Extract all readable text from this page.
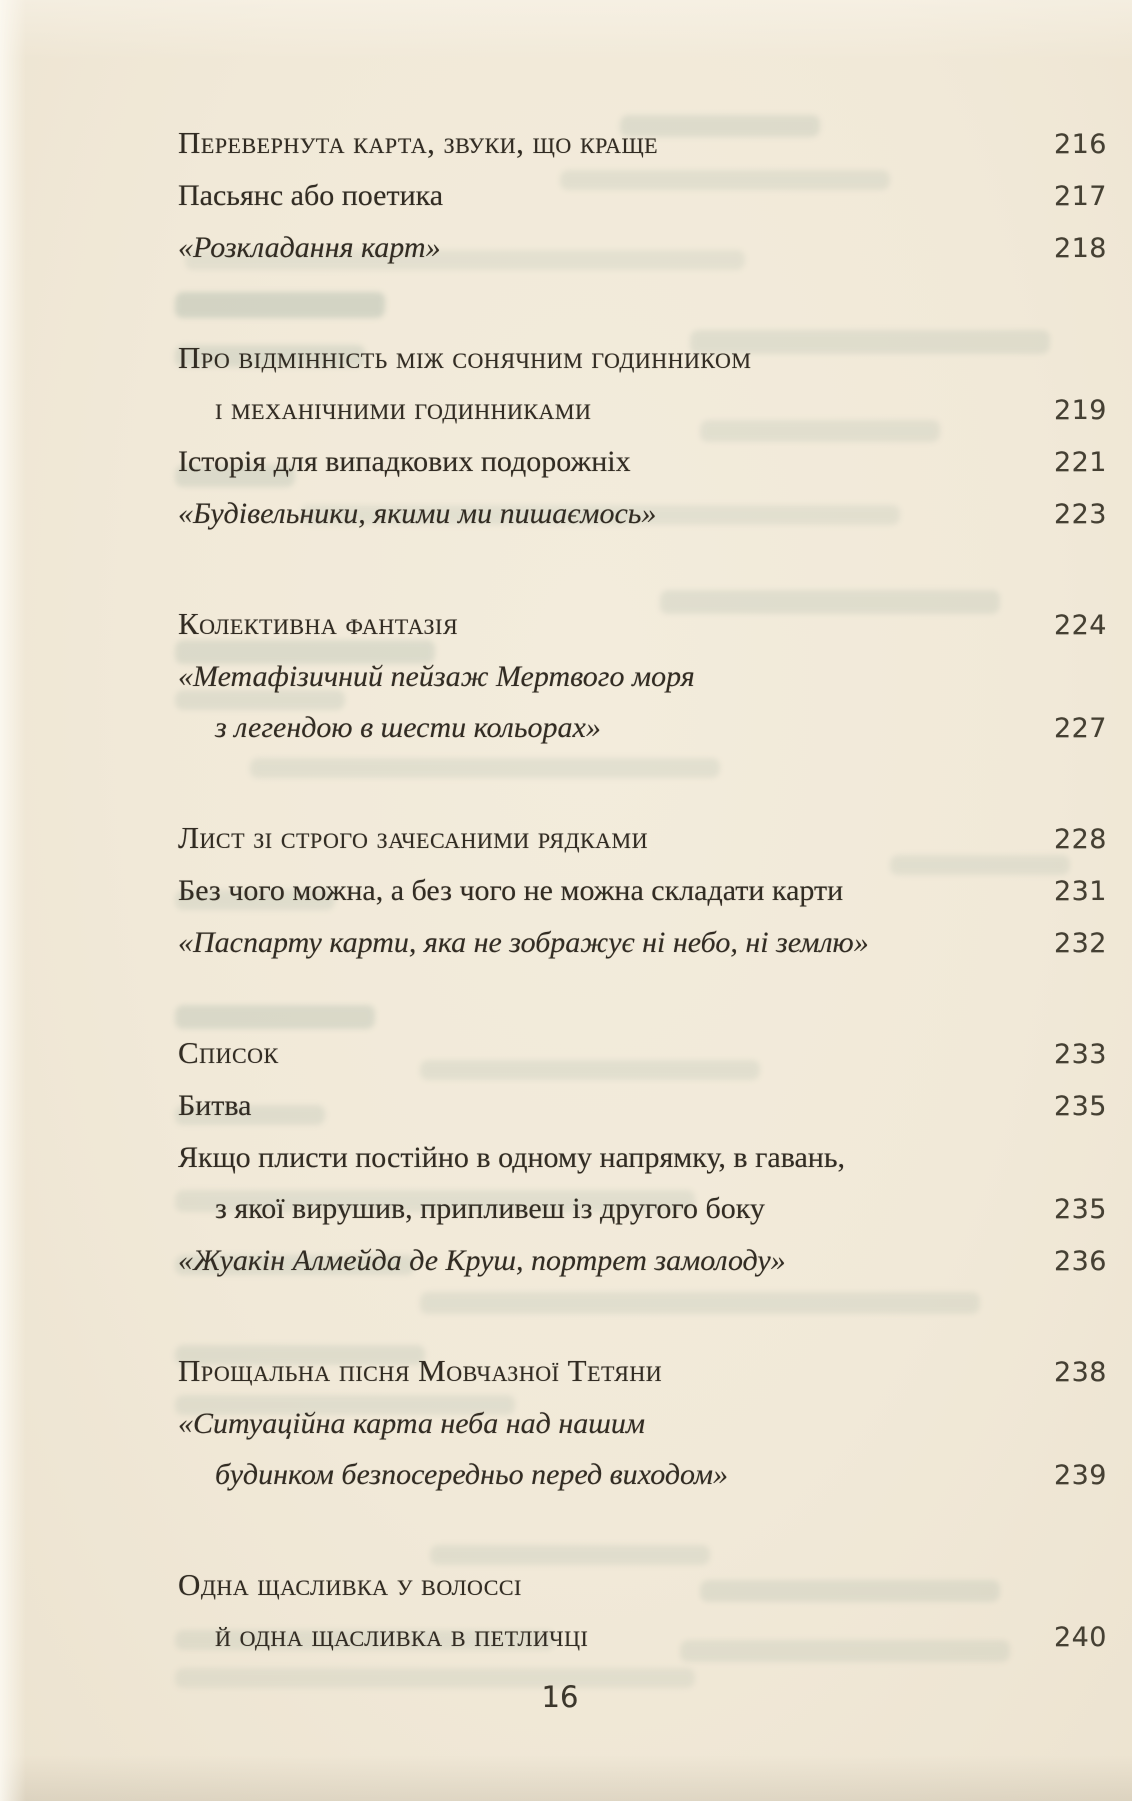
Перевернута карта, звуки, що краще	216
Пасьянс або поетика	217
«Розкладання карт»	218
Про відмінність між сонячним годинником
і механічними годинниками	219
Історія для випадкових подорожніх	221
«Будівельники, якими ми пишаємось»	223
Колективна фантазія	224
«Метафізичний пейзаж Мертвого моря
з легендою в шести кольорах»	227
Лист зі строго зачесаними рядками	228
Без чого можна, а без чого не можна складати карти	231
«Паспарту карти, яка не зображує ні небо, ні землю»	232
Список	233
Битва	235
Якщо плисти постійно в одному напрямку, в гавань,
з якої вирушив, припливеш із другого боку	235
«Жуакін Алмейда де Круш, портрет замолоду»	236
Прощальна пісня Мовчазної Тетяни	238
«Ситуаційна карта неба над нашим
будинком безпосередньо перед виходом»	239
Одна щасливка у волоссі
й одна щасливка в петличці	240
16
